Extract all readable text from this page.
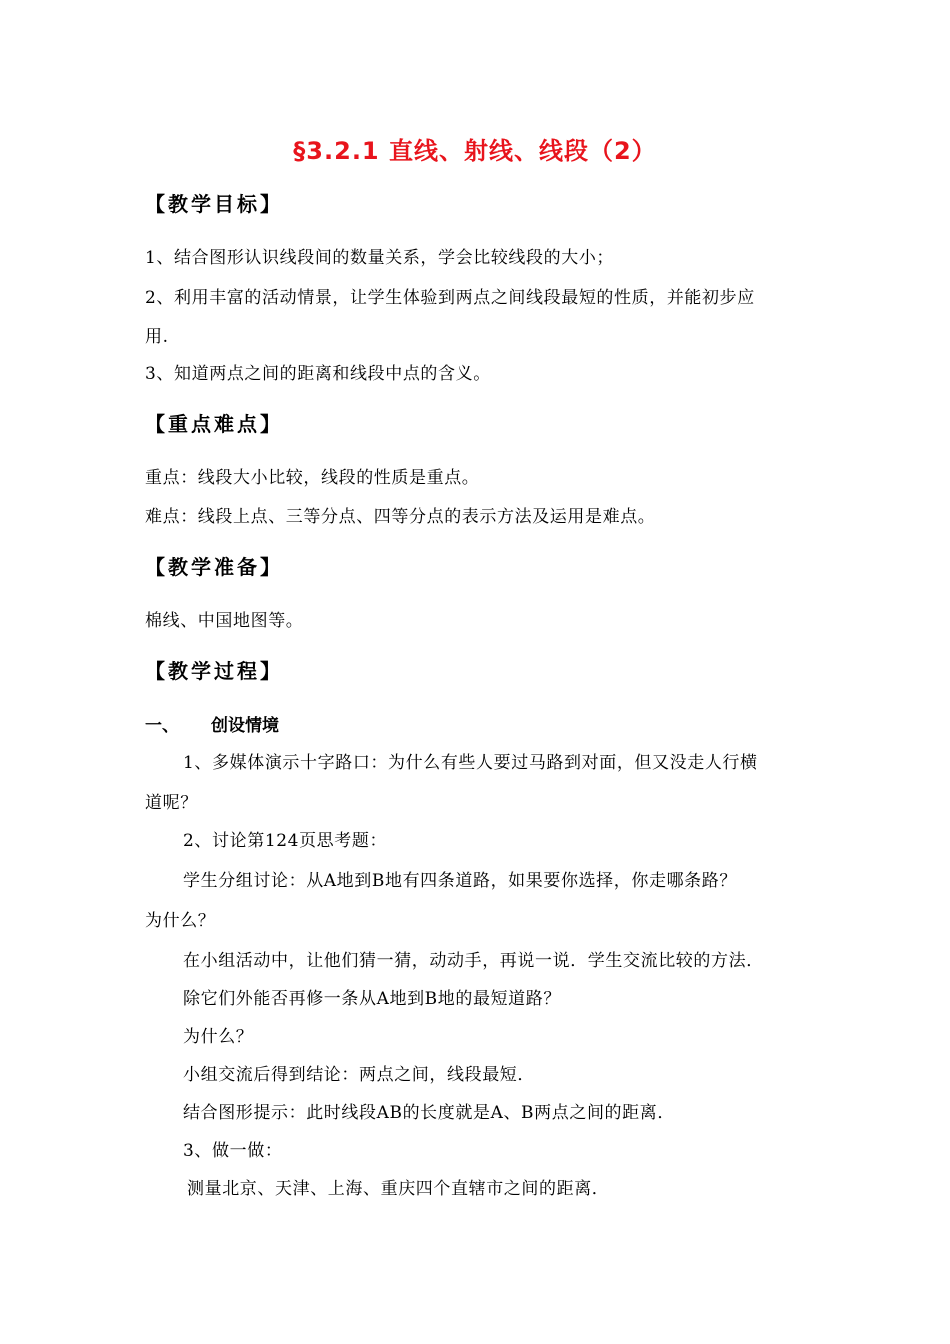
§3.2.1 直线、射线、线段（2）
【教学目标】
1、结合图形认识线段间的数量关系，学会比较线段的大小；
2、利用丰富的活动情景，让学生体验到两点之间线段最短的性质，并能初步应
用.
3、知道两点之间的距离和线段中点的含义。
【重点难点】
重点：线段大小比较，线段的性质是重点。
难点：线段上点、三等分点、四等分点的表示方法及运用是难点。
【教学准备】
棉线、中国地图等。
【教学过程】
一、 创设情境
1、多媒体演示十字路口：为什么有些人要过马路到对面，但又没走人行横
道呢？
2、讨论第124页思考题：
学生分组讨论：从A地到B地有四条道路，如果要你选择，你走哪条路？
为什么？
在小组活动中，让他们猜一猜，动动手，再说一说．学生交流比较的方法．
除它们外能否再修一条从A地到B地的最短道路？
为什么？
小组交流后得到结论：两点之间，线段最短．
结合图形提示：此时线段AB的长度就是A、B两点之间的距离．
3、做一做：
测量北京、天津、上海、重庆四个直辖市之间的距离．
